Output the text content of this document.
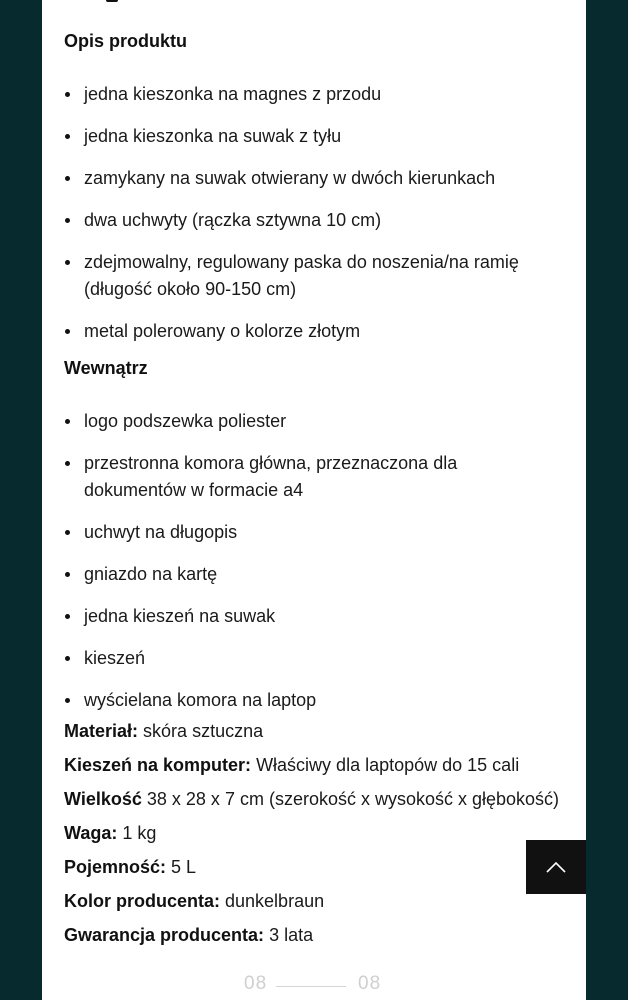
Opis produktu
jedna kieszonka na magnes z przodu
jedna kieszonka na suwak z tyłu
zamykany na suwak otwierany w dwóch kierunkach
dwa uchwyty (rączka sztywna 10 cm)
zdejmowalny, regulowany paska do noszenia/na ramię (długość około 90-150 cm)
metal polerowany o kolorze złotym
Wewnątrz
logo podszewka poliester
przestronna komora główna, przeznaczona dla dokumentów w formacie a4
uchwyt na długopis
gniazdo na kartę
jedna kieszeń na suwak
kieszeń
wyścielana komora na laptop
Materiał: skóra sztuczna
Kieszeń na komputer: Właściwy dla laptopów do 15 cali
Wielkość 38 x 28 x 7 cm (szerokość x wysokość x głębokość)
Waga: 1 kg
Pojemność: 5 L
Kolor producenta: dunkelbraun
Gwarancja producenta: 3 lata
08	08
